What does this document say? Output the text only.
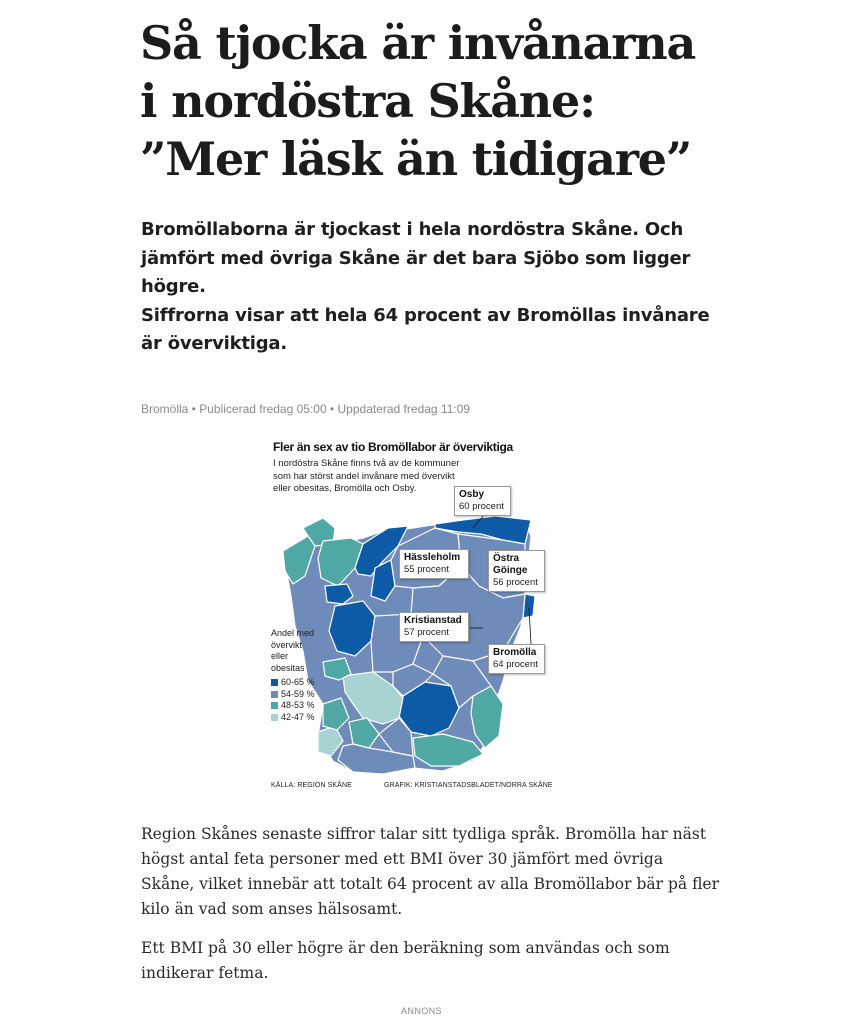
Så tjocka är invånarna i nordöstra Skåne: ”Mer läsk än tidigare”

Bromöllaborna är tjockast i hela nordöstra Skåne. Och jämfört med övriga Skåne är det bara Sjöbo som ligger högre.

Siffrorna visar att hela 64 procent av Bromöllas invånare är överviktiga.

Bromölla • Publicerad fredag 05:00 • Uppdaterad fredag 11:09
Fler än sex av tio Bromöllabor är överviktiga
I nordöstra Skåne finns två av de kommuner som har störst andel invånare med övervikt eller obesitas, Bromölla och Osby.
Osby
60 procent
Hässleholm
55 procent
Östra Göinge
56 procent
Kristianstad
57 procent
Bromölla
64 procent
Andel med övervikt eller obesitas
60-65 %
54-59 %
48-53 %
42-47 %
KÄLLA: REGION SKÅNE	GRAFIK: KRISTIANSTADSBLADET/NORRA SKÅNE

Region Skånes senaste siffror talar sitt tydliga språk. Bromölla har näst högst antal feta personer med ett BMI över 30 jämfört med övriga Skåne, vilket innebär att totalt 64 procent av alla Bromöllabor bär på fler kilo än vad som anses hälsosamt.

Ett BMI på 30 eller högre är den beräkning som användas och som indikerar fetma.

ANNONS
